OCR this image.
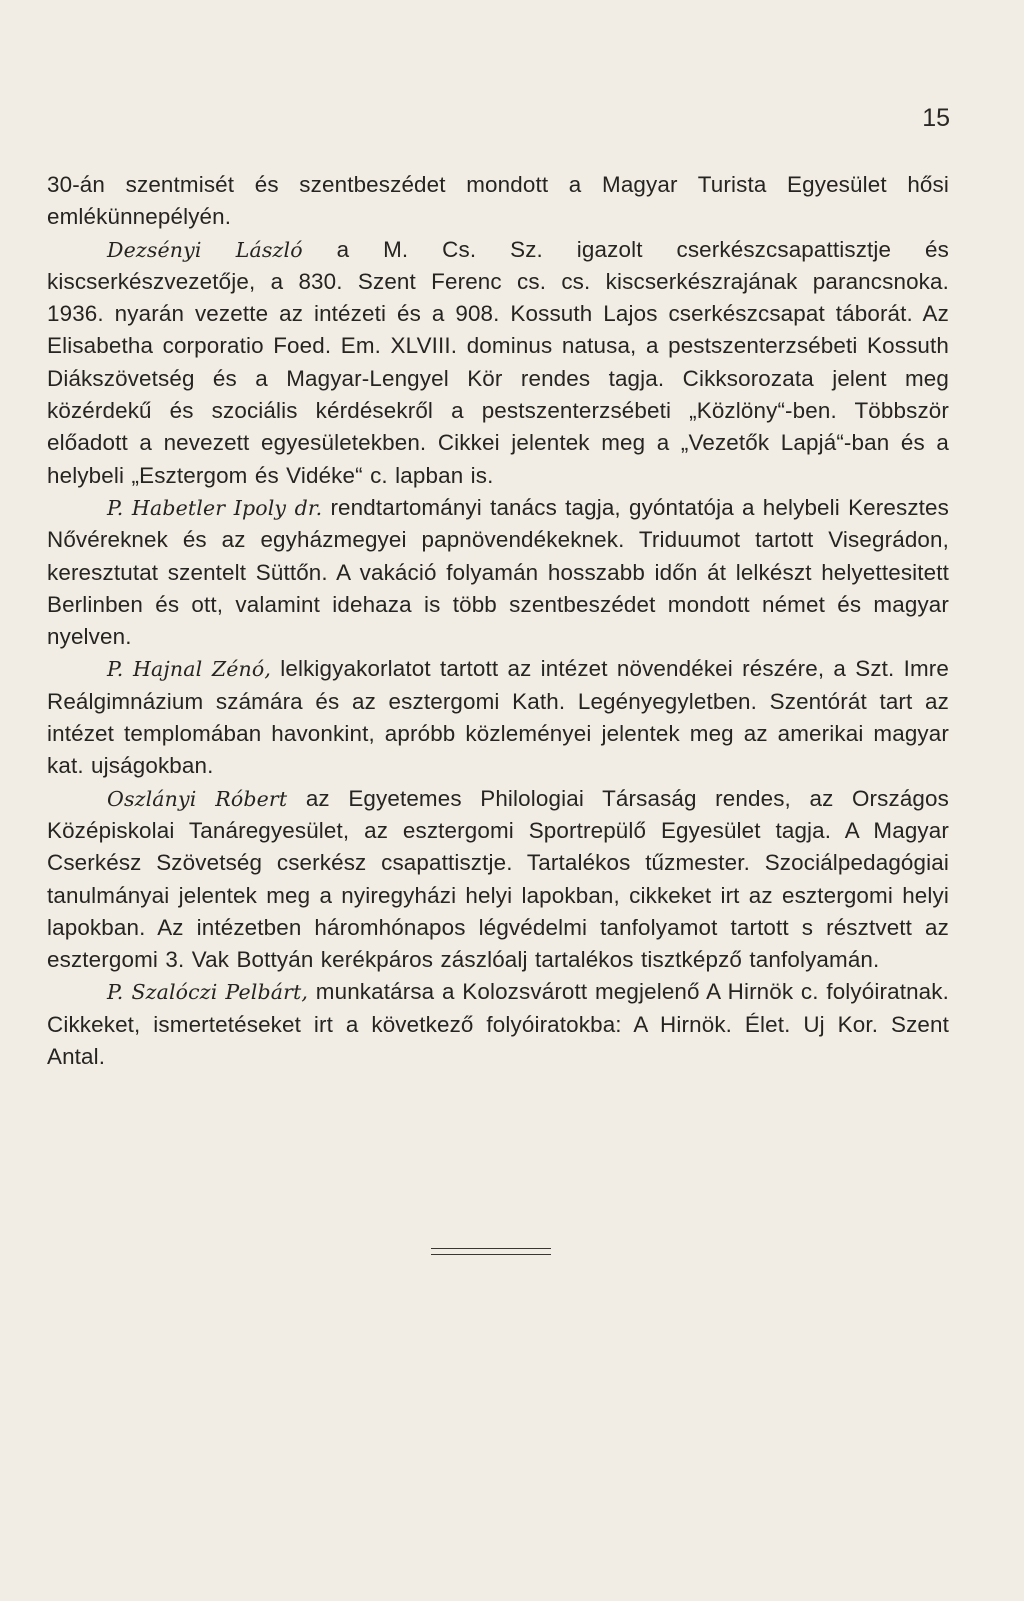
15

30-án szentmisét és szentbeszédet mondott a Magyar Turista Egyesület hősi emlékünnepélyén.

Dezsényi László a M. Cs. Sz. igazolt cserkészcsapattisztje és kiscserkészvezetője, a 830. Szent Ferenc cs. cs. kiscserkészrajának parancsnoka. 1936. nyarán vezette az intézeti és a 908. Kossuth Lajos cserkészcsapat táborát. Az Elisabetha corporatio Foed. Em. XLVIII. dominus natusa, a pestszenterzsébeti Kossuth Diákszövetség és a Magyar-Lengyel Kör rendes tagja. Cikksorozata jelent meg közérdekű és szociális kérdésekről a pestszenterzsébeti „Közlöny“-ben. Többször előadott a nevezett egyesületekben. Cikkei jelentek meg a „Vezetők Lapjá“-ban és a helybeli „Esztergom és Vidéke“ c. lapban is.

P. Habetler Ipoly dr. rendtartományi tanács tagja, gyóntatója a helybeli Keresztes Nővéreknek és az egyházmegyei papnövendékeknek. Triduumot tartott Visegrádon, keresztutat szentelt Süttőn. A vakáció folyamán hosszabb időn át lelkészt helyettesitett Berlinben és ott, valamint idehaza is több szentbeszédet mondott német és magyar nyelven.

P. Hajnal Zénó, lelkigyakorlatot tartott az intézet növendékei részére, a Szt. Imre Reálgimnázium számára és az esztergomi Kath. Legényegyletben. Szentórát tart az intézet templomában havonkint, apróbb közleményei jelentek meg az amerikai magyar kat. ujságokban.

Oszlányi Róbert az Egyetemes Philologiai Társaság rendes, az Országos Középiskolai Tanáregyesület, az esztergomi Sportrepülő Egyesület tagja. A Magyar Cserkész Szövetség cserkész csapattisztje. Tartalékos tűzmester. Szociálpedagógiai tanulmányai jelentek meg a nyiregyházi helyi lapokban, cikkeket irt az esztergomi helyi lapokban. Az intézetben háromhónapos légvédelmi tanfolyamot tartott s résztvett az esztergomi 3. Vak Bottyán kerékpáros zászlóalj tartalékos tisztképző tanfolyamán.

P. Szalóczi Pelbárt, munkatársa a Kolozsvárott megjelenő A Hirnök c. folyóiratnak. Cikkeket, ismertetéseket irt a következő folyóiratokba: A Hirnök. Élet. Uj Kor. Szent Antal.
